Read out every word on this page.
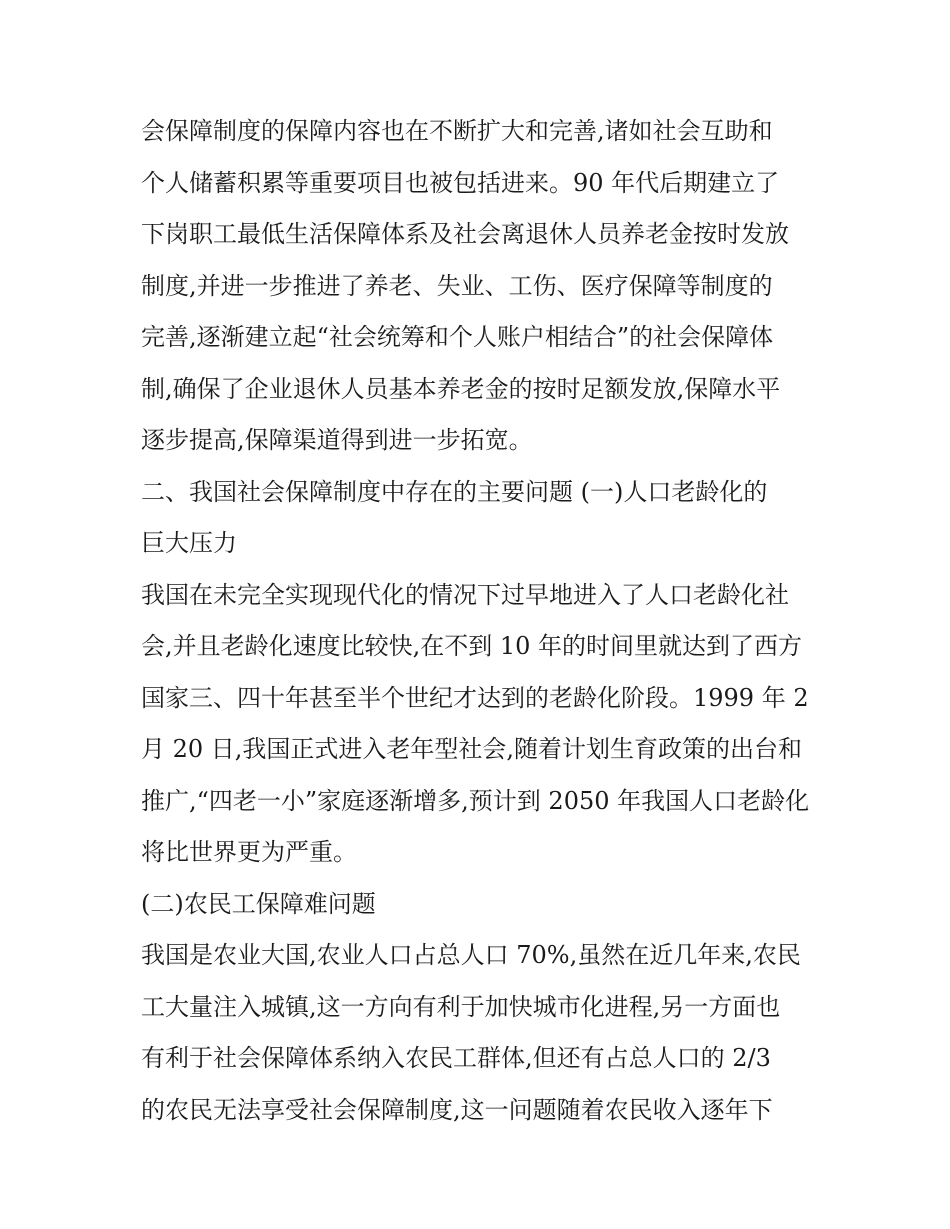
会保障制度的保障内容也在不断扩大和完善,诸如社会互助和
个人储蓄积累等重要项目也被包括进来。90 年代后期建立了
下岗职工最低生活保障体系及社会离退休人员养老金按时发放
制度,并进一步推进了养老、失业、工伤、医疗保障等制度的
完善,逐渐建立起“社会统筹和个人账户相结合”的社会保障体
制,确保了企业退休人员基本养老金的按时足额发放,保障水平
逐步提高,保障渠道得到进一步拓宽。
二、我国社会保障制度中存在的主要问题 (一)人口老龄化的
巨大压力
我国在未完全实现现代化的情况下过早地进入了人口老龄化社
会,并且老龄化速度比较快,在不到 10 年的时间里就达到了西方
国家三、四十年甚至半个世纪才达到的老龄化阶段。1999 年 2
月 20 日,我国正式进入老年型社会,随着计划生育政策的出台和
推广,“四老一小”家庭逐渐增多,预计到 2050 年我国人口老龄化
将比世界更为严重。
(二)农民工保障难问题
我国是农业大国,农业人口占总人口 70%,虽然在近几年来,农民
工大量注入城镇,这一方向有利于加快城市化进程,另一方面也
有利于社会保障体系纳入农民工群体,但还有占总人口的 2/3
的农民无法享受社会保障制度,这一问题随着农民收入逐年下
